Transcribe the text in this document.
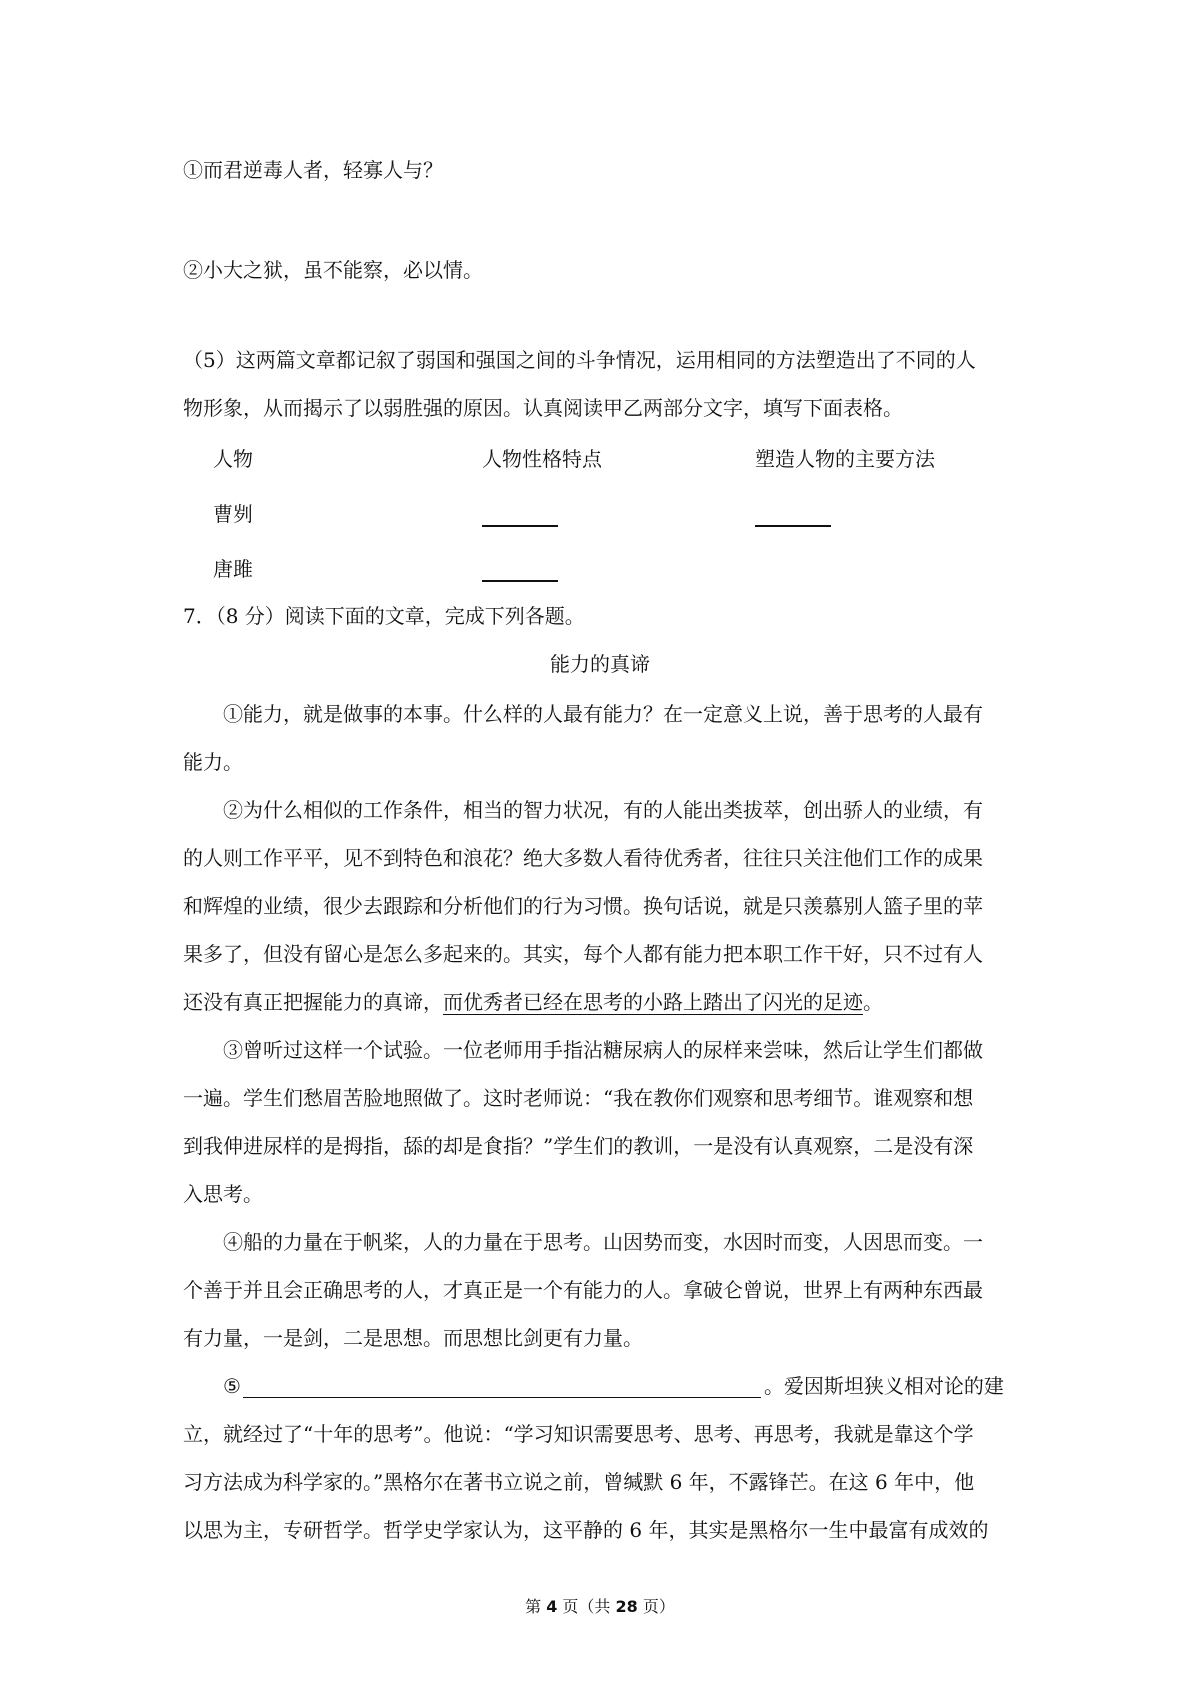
①而君逆毒人者，轻寡人与？

②小大之狱，虽不能察，必以情。

（5）这两篇文章都记叙了弱国和强国之间的斗争情况，运用相同的方法塑造出了不同的人

物形象，从而揭示了以弱胜强的原因。认真阅读甲乙两部分文字，填写下面表格。

人物	人物性格特点	塑造人物的主要方法
曹刿
唐雎

7．（8 分）阅读下面的文章，完成下列各题。

能力的真谛

①能力，就是做事的本事。什么样的人最有能力？在一定意义上说，善于思考的人最有

能力。

②为什么相似的工作条件，相当的智力状况，有的人能出类拔萃，创出骄人的业绩，有

的人则工作平平，见不到特色和浪花？绝大多数人看待优秀者，往往只关注他们工作的成果

和辉煌的业绩，很少去跟踪和分析他们的行为习惯。换句话说，就是只羡慕别人篮子里的苹

果多了，但没有留心是怎么多起来的。其实，每个人都有能力把本职工作干好，只不过有人

还没有真正把握能力的真谛，而优秀者已经在思考的小路上踏出了闪光的足迹。

③曾听过这样一个试验。一位老师用手指沾糖尿病人的尿样来尝味，然后让学生们都做

一遍。学生们愁眉苦脸地照做了。这时老师说：“我在教你们观察和思考细节。谁观察和想

到我伸进尿样的是拇指，舔的却是食指？”学生们的教训，一是没有认真观察，二是没有深

入思考。

④船的力量在于帆桨，人的力量在于思考。山因势而变，水因时而变，人因思而变。一

个善于并且会正确思考的人，才真正是一个有能力的人。拿破仑曾说，世界上有两种东西最

有力量，一是剑，二是思想。而思想比剑更有力量。

⑤	。爱因斯坦狭义相对论的建

立，就经过了“十年的思考”。他说：“学习知识需要思考、思考、再思考，我就是靠这个学

习方法成为科学家的。”黑格尔在著书立说之前，曾缄默 6 年，不露锋芒。在这 6 年中，他

以思为主，专研哲学。哲学史学家认为，这平静的 6 年，其实是黑格尔一生中最富有成效的

第 4 页（共 28 页）
